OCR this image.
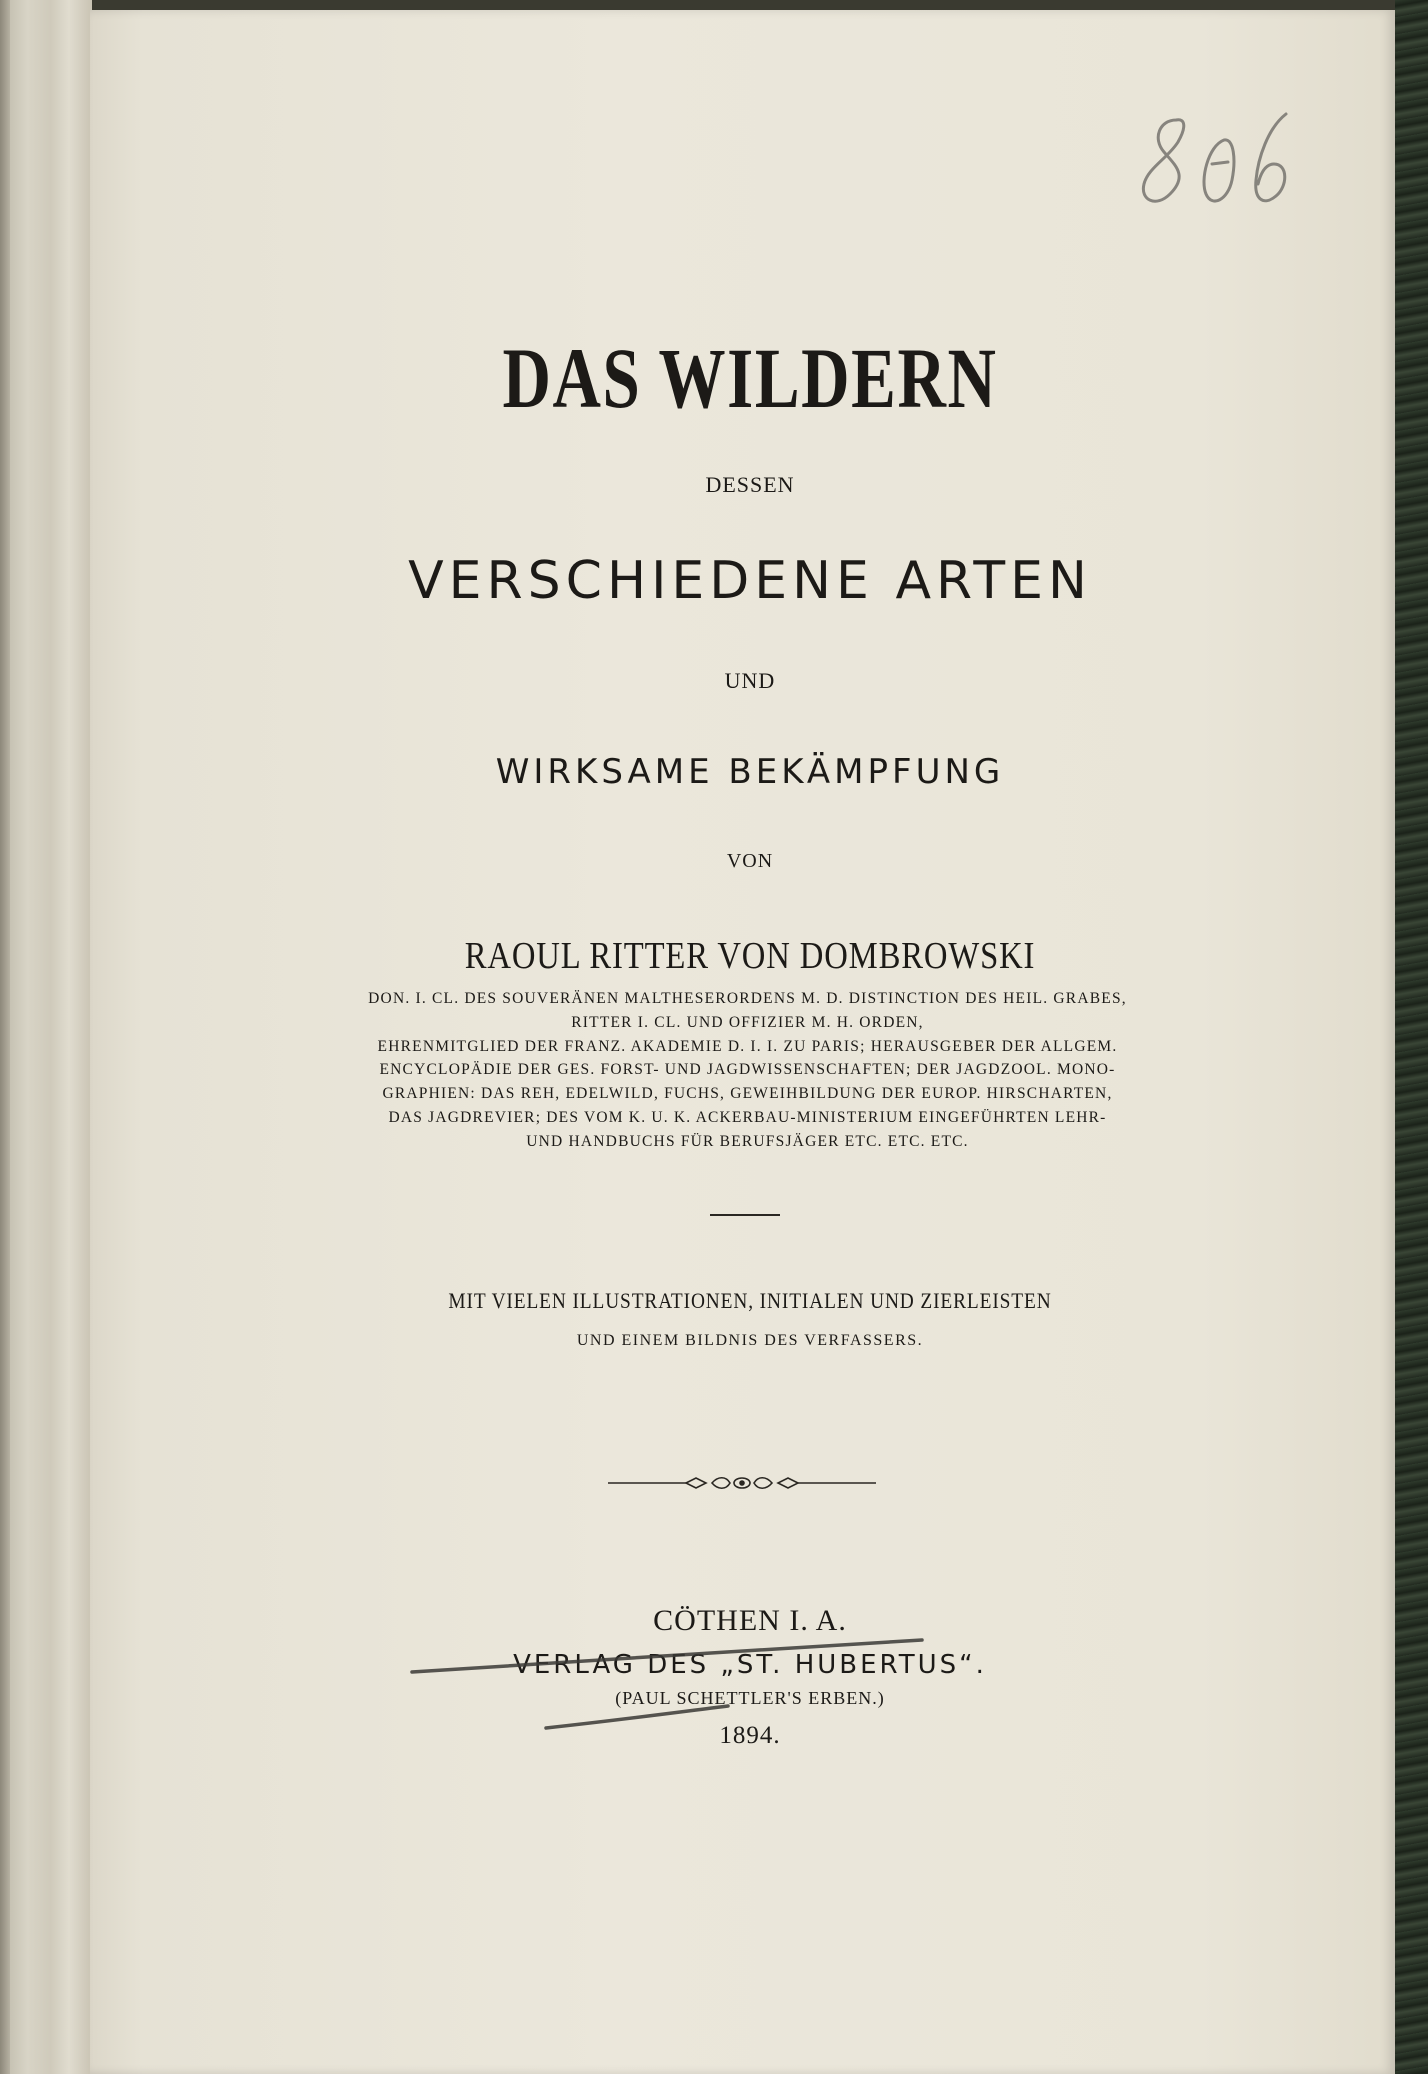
DAS WILDERN
DESSEN
VERSCHIEDENE ARTEN
UND
WIRKSAME BEKÄMPFUNG
VON
RAOUL RITTER VON DOMBROWSKI
DON. I. CL. DES SOUVERÄNEN MALTHESERORDENS M. D. DISTINCTION DES HEIL. GRABES,
RITTER I. CL. UND OFFIZIER M. H. ORDEN,
EHRENMITGLIED DER FRANZ. AKADEMIE D. I. I. ZU PARIS; HERAUSGEBER DER ALLGEM.
ENCYCLOPÄDIE DER GES. FORST- UND JAGDWISSENSCHAFTEN; DER JAGDZOOL. MONO-
GRAPHIEN: DAS REH, EDELWILD, FUCHS, GEWEIHBILDUNG DER EUROP. HIRSCHARTEN,
DAS JAGDREVIER; DES VOM K. U. K. ACKERBAU-MINISTERIUM EINGEFÜHRTEN LEHR-
UND HANDBUCHS FÜR BERUFSJÄGER ETC. ETC. ETC.
MIT VIELEN ILLUSTRATIONEN, INITIALEN UND ZIERLEISTEN
UND EINEM BILDNIS DES VERFASSERS.
CÖTHEN I. A.
VERLAG DES „ST. HUBERTUS“.
(PAUL SCHETTLER'S ERBEN.)
1894.
